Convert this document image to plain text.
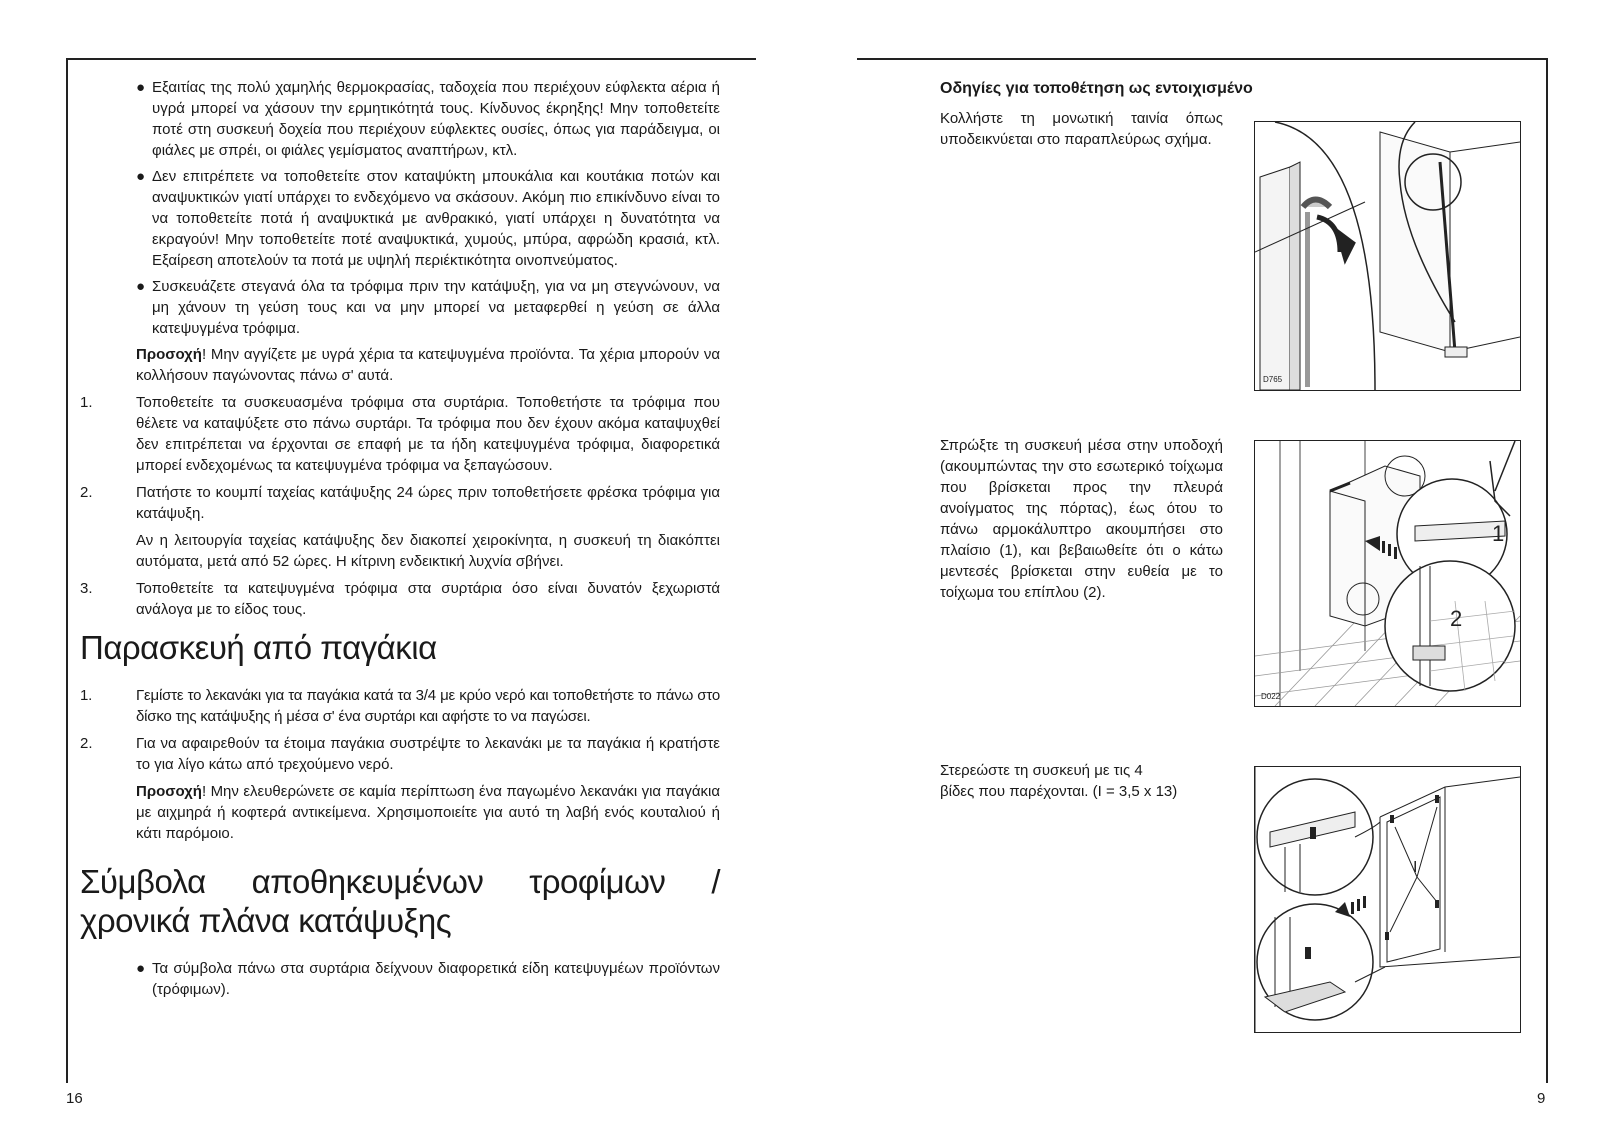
● Εξαιτίας της πολύ χαμηλής θερμοκρασίας, ταδοχεία που περιέχουν εύφλεκτα αέρια ή υγρά μπορεί να χάσουν την ερμητικότητά τους. Κίνδυνος έκρηξης! Μην τοποθετείτε ποτέ στη συσκευή δοχεία που περιέχουν εύφλεκτες ουσίες, όπως για παράδειγμα, οι φιάλες με σπρέι, οι φιάλες γεμίσματος αναπτήρων, κτλ.
● Δεν επιτρέπετε να τοποθετείτε στον καταψύκτη μπουκάλια και κουτάκια ποτών και αναψυκτικών γιατί υπάρχει το ενδεχόμενο να σκάσουν. Ακόμη πιο επικίνδυνο είναι το να τοποθετείτε ποτά ή αναψυκτικά με ανθρακικό, γιατί υπάρχει η δυνατότητα να εκραγούν! Μην τοποθετείτε ποτέ αναψυκτικά, χυμούς, μπύρα, αφρώδη κρασιά, κτλ. Εξαίρεση αποτελούν τα ποτά με υψηλή περιέκτικότητα οινοπνεύματος.
● Συσκευάζετε στεγανά όλα τα τρόφιμα πριν την κατάψυξη, για να μη στεγνώνουν, να μη χάνουν τη γεύση τους και να μην μπορεί να μεταφερθεί η γεύση σε άλλα κατεψυγμένα τρόφιμα.
Προσοχή! Μην αγγίζετε με υγρά χέρια τα κατεψυγμένα προϊόντα. Τα χέρια μπορούν να κολλήσουν παγώνοντας πάνω σ' αυτά.
1.	Τοποθετείτε τα συσκευασμένα τρόφιμα στα συρτάρια. Τοποθετήστε τα τρόφιμα που θέλετε να καταψύξετε στο πάνω συρτάρι. Τα τρόφιμα που δεν έχουν ακόμα καταψυχθεί δεν επιτρέπεται να έρχονται σε επαφή με τα ήδη κατεψυγμένα τρόφιμα, διαφορετικά μπορεί ενδεχομένως τα κατεψυγμένα τρόφιμα να ξεπαγώσουν.
2.	Πατήστε το κουμπί ταχείας κατάψυξης 24 ώρες πριν τοποθετήσετε φρέσκα τρόφιμα για κατάψυξη.
Αν η λειτουργία ταχείας κατάψυξης δεν διακοπεί χειροκίνητα, η συσκευή τη διακόπτει αυτόματα, μετά από 52 ώρες. Η κίτρινη ενδεικτική λυχνία σβήνει.
3.	Τοποθετείτε τα κατεψυγμένα τρόφιμα στα συρτάρια όσο είναι δυνατόν ξεχωριστά ανάλογα με το είδος τους.
Παρασκευή από παγάκια
1.	Γεμίστε το λεκανάκι για τα παγάκια κατά τα 3/4 με κρύο νερό και τοποθετήστε το πάνω στο δίσκο της κατάψυξης ή μέσα σ' ένα συρτάρι και αφήστε το να παγώσει.
2.	Για να αφαιρεθούν τα έτοιμα παγάκια συστρέψτε το λεκανάκι με τα παγάκια ή κρατήστε το για λίγο κάτω από τρεχούμενο νερό.
Προσοχή! Μην ελευθερώνετε σε καμία περίπτωση ένα παγωμένο λεκανάκι για παγάκια με αιχμηρά ή κοφτερά αντικείμενα. Χρησιμοποιείτε για αυτό τη λαβή ενός κουταλιού ή κάτι παρόμοιο.
Σύμβολα αποθηκευμένων τροφίμων / χρονικά πλάνα κατάψυξης
● Τα σύμβολα πάνω στα συρτάρια δείχνουν διαφορετικά είδη κατεψυγμέων προϊόντων (τρόφιμων).
16
Οδηγίες για τοποθέτηση ως εντοιχισμένο
Κολλήστε τη μονωτική ταινία όπως υποδεικνύεται στο παραπλεύρως σχήμα.
Σπρώξτε τη συσκευή μέσα στην υποδοχή (ακουμπώντας την στο εσωτερικό τοίχωμα που βρίσκεται προς την πλευρά ανοίγματος της πόρτας), έως ότου το πάνω αρμοκάλυπτρο ακουμπήσει στο πλαίσιο (1), και βεβαιωθείτε ότι ο κάτω μεντεσές βρίσκεται στην ευθεία με το τοίχωμα του επίπλου (2).
Στερεώστε τη συσκευή με τις 4
βίδες που παρέχονται. (I = 3,5 x 13)
D765
1
2
D022
I
9
